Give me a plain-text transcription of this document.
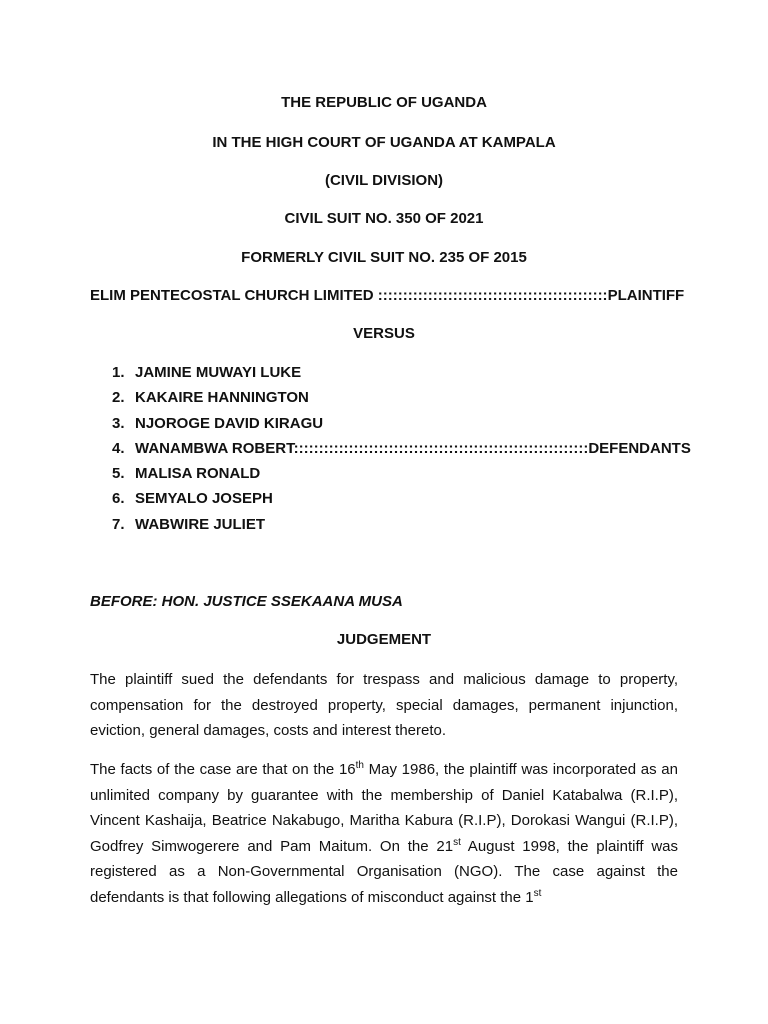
THE REPUBLIC OF UGANDA
IN THE HIGH COURT OF UGANDA AT KAMPALA
(CIVIL DIVISION)
CIVIL SUIT NO. 350 OF 2021
FORMERLY CIVIL SUIT NO. 235 OF 2015
ELIM PENTECOSTAL CHURCH LIMITED ::::::::::::::::::::::::::::::::::::::::::::::PLAINTIFF
VERSUS
1. JAMINE MUWAYI LUKE
2. KAKAIRE HANNINGTON
3. NJOROGE DAVID KIRAGU
4. WANAMBWA ROBERT:::::::::::::::::::::::::::::::::::::::::::::::::::::::::::DEFENDANTS
5. MALISA RONALD
6. SEMYALO JOSEPH
7. WABWIRE JULIET
BEFORE: HON. JUSTICE SSEKAANA MUSA
JUDGEMENT

The plaintiff sued the defendants for trespass and malicious damage to property, compensation for the destroyed property, special damages, permanent injunction, eviction, general damages, costs and interest thereto.

The facts of the case are that on the 16th May 1986, the plaintiff was incorporated as an unlimited company by guarantee with the membership of Daniel Katabalwa (R.I.P), Vincent Kashaija, Beatrice Nakabugo, Maritha Kabura (R.I.P), Dorokasi Wangui (R.I.P), Godfrey Simwogerere and Pam Maitum. On the 21st August 1998, the plaintiff was registered as a Non-Governmental Organisation (NGO). The case against the defendants is that following allegations of misconduct against the 1st
